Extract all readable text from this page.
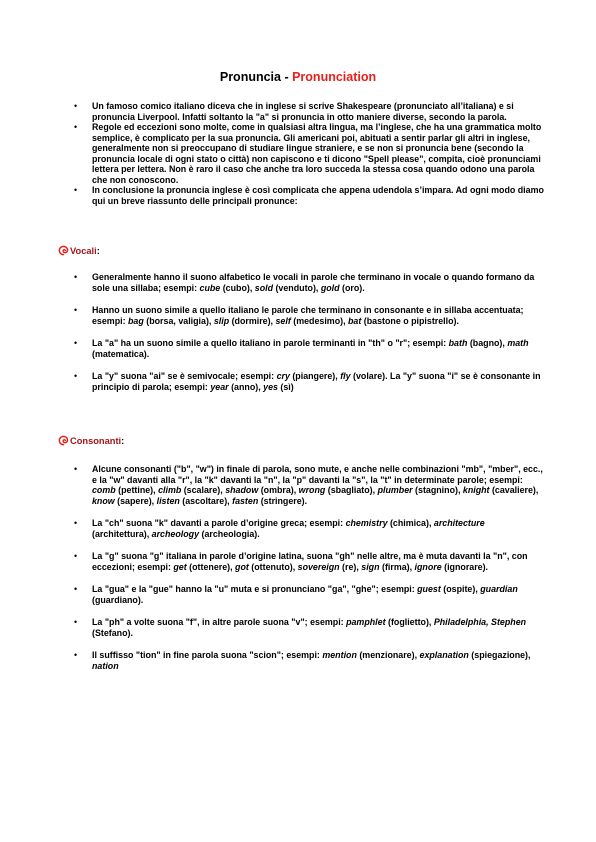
Pronuncia - Pronunciation
• Un famoso comico italiano diceva che in inglese si scrive Shakespeare (pronunciato all’italiana) e si pronuncia Liverpool. Infatti soltanto la "a" si pronuncia in otto maniere diverse, secondo la parola.
• Regole ed eccezioni sono molte, come in qualsiasi altra lingua, ma l’inglese, che ha una grammatica molto semplice, è complicato per la sua pronuncia. Gli americani poi, abituati a sentir parlar gli altri in inglese, generalmente non si preoccupano di studiare lingue straniere, e se non si pronuncia bene (secondo la pronuncia locale di ogni stato o città) non capiscono e ti dicono "Spell please", compita, cioè pronunciami lettera per lettera. Non è raro il caso che anche tra loro succeda la stessa cosa quando odono una parola che non conoscono.
• In conclusione la pronuncia inglese è così complicata che appena udendola s’impara. Ad ogni modo diamo qui un breve riassunto delle principali pronunce:
Vocali :
• Generalmente hanno il suono alfabetico le vocali in parole che terminano in vocale o quando formano da sole una sillaba; esempi: cube (cubo), sold (venduto), gold (oro).
• Hanno un suono simile a quello italiano le parole che terminano in consonante e in sillaba accentuata; esempi: bag (borsa, valigia), slip (dormire), self (medesimo), bat (bastone o pipistrello).
• La "a" ha un suono simile a quello italiano in parole terminanti in "th" o "r"; esempi: bath (bagno), math (matematica).
• La "y" suona "ai" se è semivocale; esempi: cry (piangere), fly (volare). La "y" suona "i" se è consonante in principio di parola; esempi: year (anno), yes (sì)
Consonanti :
• Alcune consonanti ("b", "w") in finale di parola, sono mute, e anche nelle combinazioni "mb", "mber", ecc., e la "w" davanti alla "r", la "k" davanti la "n", la "p" davanti la "s", la "t" in determinate parole; esempi: comb (pettine), climb (scalare), shadow (ombra), wrong (sbagliato), plumber (stagnino), knight (cavaliere), know (sapere), listen (ascoltare), fasten (stringere).
• La "ch" suona "k" davanti a parole d’origine greca; esempi: chemistry (chimica), architecture (architettura), archeology (archeologia).
• La "g" suona "g" italiana in parole d’origine latina, suona "gh" nelle altre, ma è muta davanti la "n", con eccezioni; esempi: get (ottenere), got (ottenuto), sovereign (re), sign (firma), ignore (ignorare).
• La "gua" e la "gue" hanno la "u" muta e si pronunciano "ga", "ghe"; esempi: guest (ospite), guardian (guardiano).
• La "ph" a volte suona "f", in altre parole suona "v"; esempi: pamphlet (foglietto), Philadelphia, Stephen (Stefano).
• Il suffisso "tion" in fine parola suona "scion"; esempi: mention (menzionare), explanation (spiegazione), nation
